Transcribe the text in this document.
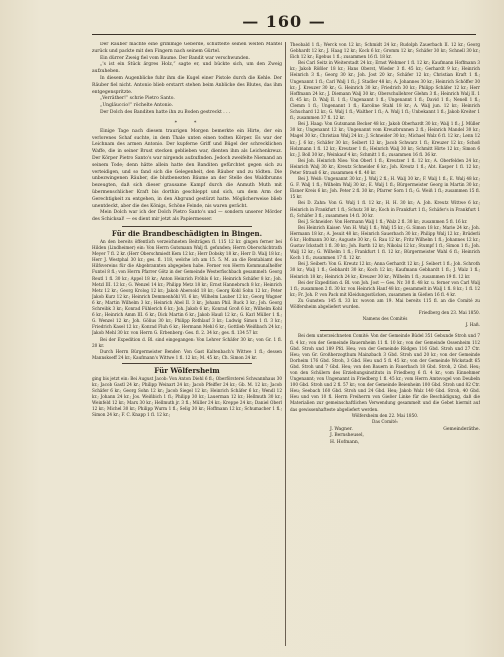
— 160 —

Der Räuber machte eine grimmige Geberde, schüttelte seinen weiten Mantel zurück und packte mit den Fingern nach seinem Gürtel.

Ein dürrer Zweig fiel vom Baume. Der Bandit war verschwunden.

„'s ist ein Stück ärgres Holz,“ sagte er, und bückte sich, um den Zweig aufzuheben.

In diesem Augenblicke fuhr ihm die Kugel einer Pistole durch die Kehle. Der Räuber fiel nicht. Antonio blieb erstarrt stehen beim Anblicke des Blutes, das ihm entgegenspritzte.

„Verräther!“ schrie Pietro Santo.

„Ungläuccio!“ röchelte Antonio.

Der Dolch des Banditen hatte ihn zu Boden gestreckt . . .

*   *

Einige Tage nach diesem traurigen Morgen bemerkte ein Hirte, der ein verlorenes Schaf suchte, in dem Thale unten einen todten Körper. Es war der Leichnam des armen Antonio. Der kupferne Griff und Bügel der schrecklichen Waffe, die in seiner Brust stecken geblieben war, dienten ihm als Leichenkreuz. Der Körper Pietro Santo's war nirgends aufzufinden. Jedoch zweifelte Niemand an seinem Tode; denn hätte allein hatte den Banditen gefürchtet gegen sich zu verteidigen, und so fand sich die Gelegenheit, den Räuber und zu tödten. Die unbezwingenen Räuber, die blutbenezten Bäume an der Stelle des Waldbrunns bezeugten, daß sich dieser grausame Kampf durch die Anmuth Muth mit übermenschlicher Kraft bis dorthin geschleppt und sich, um dem Arm der Gerechtigkeit zu entgehen, in den Abgrund gestürzt hatte. Möglicherweise blieb unentdeckt, aber die des Königs, Schöne Feinde, nis waren gerächt.

Mein Dolch war ich der Dolch Pietro Santo's und — sondern unserer Mörder des Schicksal! — es dient mir jetzt als Papiermesser.

Für die Brandbeschädigten in Bingen.

An den bereits öffentlich verzeichneten Beiträgen fl. 115 12 kr. gingen ferner bei Hilden (Lindheimer) ein: Von Herrn Gutsmann Walj fl. gefunden; Herrn Oberschichtrath Meyer 7 fl. 2 kr. (Herr Oberschmiedt Kem 12 kr.; Herr Dobsky 18 kr.; Herr D. Walj 18 kr.; Herr J. Westphal 30 kr.; ges. fl. 118, welche ich am 15. 5. M. an die Rentabiamt des Hilfsvereins für die Abgebrannten abgegeben habe. Ferner von Herrn Kommunalhelfer Funtel 8 fl.; von Herrn Pfarrer Götz in der Gemeinde Westerfischbach gesammelt: Georg Reutl 1 fl. 30 kr.; Appel 18 kr.; Anton Heinrich Fröhls 6 kr.; Heinrich Schäfer 8 kr.; Joh. Metzl III. 12 kr.; G. Wenzel 14 kr.; Philipp Metz 18 kr.; Ernst Hannebruch 8 kr.; Heinrich Metz 12 kr.; Georg Krolog 12 kr.; Jakob Abersold 18 kr.; Georg Kohl Sohn 12 kr.; Peter Jakob Kurz 12 kr.; Heinrich Demmenhöhl VI. 6 kr.; Wilhelm Lauber 12 kr.; Georg Wagner 6 kr.; Martin Wilhelm 3 kr.; Heinrich Abel II. 3 kr.; Johann Phil. Ruck 3 kr.; Joh. Georg Schreibk 3 kr.; Konrad Fühlerich 6 kr.; Joh. Jakob 6 kr.; Konrad Groß 6 kr.; Wilhelm Kohl 6 kr.; Heinrich Amm III. 6 kr.; Dick Martin 6 kr.; Jakob Hauß 12 kr.; G. Karl Müller 1 fl.; G. Wenzel 12 kr.; Joh. Gölius 30 kr.; Philipp Rothlauf 3 kr.; Ludwig Simon 1 fl. 3 kr.; Friedrich Kasel 12 kr.; Konrad Fluh 6 kr.; Hermann Mehl 6 kr.; Gottlieb Weißbach 24 kr.; Jakob Mehl 30 kr. von Herrn G. Erbenberg: Ges. fl. 2. 34 kr.; ges. fl. 134 57 kr.

Bei der Expedition d. Bl. sind eingegangen: Von Lehrer Schäfer 30 kr.; von Gr. 1 fl. 20 kr.

Durch Herrn Bürgermeister Bender: Von Gast Kaltenbach's Wittwe 1 fl.; dessen Mannskoeff 24 kr.; Kaufmann's Wittwe 1 fl. 12 kr.; M. 45 kr.; Ch. Simon 24 kr.

Für Wölfersheim

ging bis jetzt ein: Bei August Jacob: Von Anton Diehl 6 fl.; Oberförsterei Schwannhaus 30 kr.; Jacob Gastl 24 kr.; Philipp Weinart 24 kr.; Jacob Pfeiffer 24 kr.; Gb. M. 12 kr.; Jacob Schäfer 6 kr.; Georg Sohn 12 kr.; Jacob Siegel 12 kr.; Heinrich Schäfer 6 kr.; Wendl 12 kr.; Johann 24 kr.; Jos. Weißbich 1 fl.; Philipp 30 kr.; Lauerman 12 kr.; Hellmuth 30 kr.; Weinfeld 12 kr.; Marx 30 kr.; Hellmuth jr. 3 fl.; Müller 24 kr.; Kreppe 24 kr.; Daniel Oberl 12 kr.; Michel 30 kr.; Philipp Wurm 1 fl.; Selig 30 kr.; Hoffmann 12 kr.; Schumacher 1 fl.; Simon 24 kr.; F. C. Knapp 1 fl. 12 kr.;

Theobald 1 fl.; Werck von 12 kr.; Schmidt 24 kr.; Rudolph Zauerbach II. 12 kr.; Georg Gebhardt 12 kr.; J. Haag 12 kr.; Kock 6 kr.; Gromm 12 kr.; Schäfer 30 kr.; Schnell 30 kr.; Eich 12 kr.; Egebus 1 fl.; zusammen 16 fl. 18 kr.

Bei Carl Seitz in Weiterstadt 24 kr.; Ernst Wehmer 1 fl. 12 kr.; Kaufmann Hoffmann 3 kr.; Jakob Rößler 18 kr.; Hans Oberst, Wieder 3 fl. 45 kr.; Gerhardt 9 kr.; Heinrich Heinrich 3 fl.; Georg 30 kr.; Joh. Jost 20 kr.; Schäfer 12 kr.; Christian Kraft 1 fl.; Ungenannt 1 fl.; Carl Walj 1 fl.; J. Stadler 48 kr.; A. Johannes 30 kr.; Heinrich Schöffer 30 kr.; J. Kreuzer 30 kr.; G. Heinrich 30 kr.; Friedrich 30 kr.; Philipp Schäfer 12 kr.; Herr Hoffmann 24 kr.; J. Diemann Walj 30 kr.; Oberschullehrer Glehm 3 fl.; Heinrich Walj II. 1 fl. 45 kr.; D. Walj II. 1 fl.; Ungenannt 1 fl.; Ungenannt 1 fl.; David 1 fl.; Nenell 1 fl.; Clemm 1 fl.; Ungenannt 1 fl.; Karoline Stahl 18 kr.; A. Walj jun. 12 kr.; Heinrich Schuchard 12 kr.; G. Walj 1 fl.; Walther 1 fl.; A. Walj 1 fl.; Unbekannt 1 fl.; Jakob Kreiter 1 fl.; zusammen 37 fl. 12 kr.

Bei J. Haag: Von Gutsmann Becker 48 kr.; Jakob Oberhardt 30 kr.; Walj 1 fl.; J. Müller 30 kr.; Ungenannt 12 kr.; Ungenannt vom Kreuzbrunnen 2 fl.; Heinrich Mandel 30 kr.; Magel 30 kr.; Christian Walj 24 kr.; J. Schneider 30 kr.; Michael Walz 6 fl. 12 kr.; Lenn 12 kr.; J. 6 kr.; Schäfer 30 kr.; Seibert 12 kr.; Jacob Schwarz 1 fl.; Kreuzer 12 kr.; Schoß Holzmann 1 fl. 12 kr.; Kreutzer 1 fl.; Heinrich Walj 30 kr.; Schmitt Hirte 12 kr.; Simon 6 kr.; J. Boll 30 kr.; Weinkauf 4 kr.; Schmitt 1 fl.; zusammen 16 fl. 36 kr.

Bei Joh. Heinrich Nies: Von Oberl 1 fl.; Kreutzer 1 fl. 12 kr.; A. Oberfelden 24 kr.; Heinrich Walj 30 kr.; Kreutz Schneider 6 kr.; Joh. Kreutz 1 fl.; Abt. Kasper 1 fl. 12 kr.; Peter Strauß 6 kr.; zusammen 4 fl. 40 kr.

Bei J. Weiß: Ungenannt 30 kr.; J. Walj 2 fl.; H. Walj 30 kr.; F. Walj 1 fl.; E. Walj 48 kr.; G. F. Walj 1 fl.; Wilhelm Walj 30 kr.; E. Walj 1 fl.; Bürgermeister Georg in Martin 30 kr.; Eisner Kreis 6 kr.; Joh. Peter 2 fl. 30 kr.; Pfarrer Sorn 1 fl.; G. Weiß 1 fl.; zusammen 15 fl. 15 kr.

Bei D. Zahn: Von G. Walj 1 fl. 12 kr.; H. H. 30 kr.; A. Joh. Kreutz Wittwe 6 kr.; Heinrich in Frankfurt 1 fl.; Schutz 30 kr.; Koch in Frankfurt 1 fl.; Schäfer's in Frankfurt 1 fl.; Schäfer 3 fl.; zusammen 14 fl. 30 kr.

Bei J. Schneider: Von Hermann Walj 1 fl.; Walz 2 fl. 30 kr.; zusammen 5 fl. 16 kr.

Bei Heinrich Kaiser: Von H. Walj 1 fl.; Walj 15 kr.; G. Simon 18 kr.; Marie 24 kr.; Joh. Hermann 18 kr.; A. Jesuit 48 kr.; Heinrich Sauerbach 30 kr.; Philipp Walj 12 kr.; Brüderli 6 kr.; Hofmann 30 kr.; Auguste 30 kr.; G. Rau 12 kr.; Fritz Wilhelm 1 fl.; Johannes 12 kr.; Gustav Ickstadt 1 fl. 30 kr.; Joh. Barth 12 kr.; Nikolai 12 kr.; Stumpf 1 fl.; Simon 1 fl.; Joh. Walj 12 kr.; G. Wilhelm 1 fl.; Frankfurt 1 fl. 12 kr.; Bürgermeister Wahl 6 fl.; Heinrich Koch 1 fl.; zusammen 17 fl. 12 kr.

Bei J. Seibert: Von G. Kreutz 12 kr.; Anna Gerhardt 12 kr.; J. Seibert 1 fl.; Joh. Schroth 30 kr.; Walj 1 fl.; Gebhardt 30 kr.; Koch 12 kr.; Kaufmann Gebhardt 1 fl.; J. Walz 1 fl.; Heinrich 18 kr.; Heinrich 24 kr.; Kreuzer 30 kr.; Wilhelm 1 fl.; zusammen 19 fl. 12 kr.

Bei der Expedition d. Bl. von Joh. Jost — Ges. Nr. 30 fl. 48 kr. u. ferner von Carl Walj 1 fl.; zusammen 2 fl. 30 kr. von Heinrich Hanf 48 kr.; gesammelt in Walj 1 fl. 8 kr.; 1 fl. 12 kr.; Fr. Joh. P. von Pack mit Kleidungsstücken, zusammen in Gießen 16 fl. 4 kr.

Zu Gunsten: 145 fl. 33 kr. wovon am 19. Mai bereits 115 fl. an die Comité zu Wölfersheim abgeliefert wurden.

Friedberg den 23. Mai 1850.

Namens des Comités
J. Haß.

Bei dem unterzeichneten Comité: Von der Gemeinde Büdel 351 Gebunde Stroh und 7 fl. 4 kr.; von der Gemeinde Bauernheim 11 fl. 10 kr.; von der Gemeinde Ossenheim 112 Gbd. Stroh und 189 Pfd. Heu; von der Gemeinde Rödgen 116 Gbd. Stroh und 27 Ctr. Heu; von Gr. Großherzogthum Mainzbach 3 Gbd. Stroh und 20 kr.; von der Gemeinde Dorheim 176 Gbd. Stroh, 3 Gbd. Heu und 5 fl. 45 kr.; von der Gemeinde Wickstadt 65 Gbd. Stroh und 7 Gbd. Heu; von den Bauern in Fauerbach 18 Gbd. Stroh, 2 Gbd. Heu; von den Schülern des Erziehungsinstituts in Friedberg 6 fl. 4 kr.; vom Einnehmer Ungenannt; von Ungenannt in Friedberg 1 fl. 45 kr.; vom Herrn Amtsvogel von Deubeln 100 Gbd. Stroh und 2 fl. 57 kr.; von der Gemeinde Beienheim 100 Gbd. Stroh und 82 Ctr. Heu; Seebach 160 Gbd. Stroh und 24 Gbd. Heu; Jakob Walz 140 Gbd. Stroh, 40 Gbd. Heu und von 10 fl. Herrn Freiherrn von Gießer Linke für die Beschädigung, daß die Materialien zur gemeinschaftlichen Verwendung gesammelt und die Gebet hiermit auf das gewissenhafteste abgeliefert werden.

Wölfersheim den 22. Mai 1850.

Das Comité:
J. Wagner.
J. Bernsheusel,
H. Hofmann,
Gemeinderäthe.
